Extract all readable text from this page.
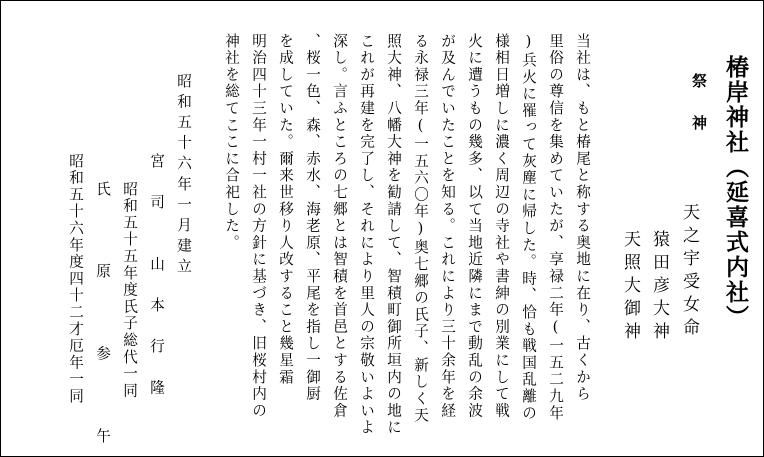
椿岸神社（延喜式内社）
祭　神
天之宇受女命
猿田彦大神
天照大御神
当社は、もと椿尾と称する奥地に在り、古くから
里俗の尊信を集めていたが、享禄二年(一五二九年
)兵火に罹って灰塵に帰した。時、恰も戦国乱離の
様相日増しに濃く周辺の寺社や書紳の別業にして戦
火に遭うもの幾多、以て当地近隣にまで動乱の余波
が及んでいたことを知る。これにより三十余年を経
る永禄三年(一五六〇年)奥七郷の氏子、新しく天
照大神、八幡大神を勧請して、智積町御所垣内の地に
これが再建を完了し、それにより里人の宗敬いよいよ
深し。言ふところの七郷とは智積を首邑とする佐倉
、桜一色、森、赤水、海老原、平尾を指し一御厨
を成していた。爾来世移り人改すること幾星霜
明治四十三年一村一社の方針に基づき、旧桜村内の
神社を総てここに合祀した。
昭和五十六年一月建立
宮　司　　山　本　行　隆
昭和五十五年度氏子総代一同
氏　　　原　　　参　　　午
昭和五十六年度四十二才厄年一同
